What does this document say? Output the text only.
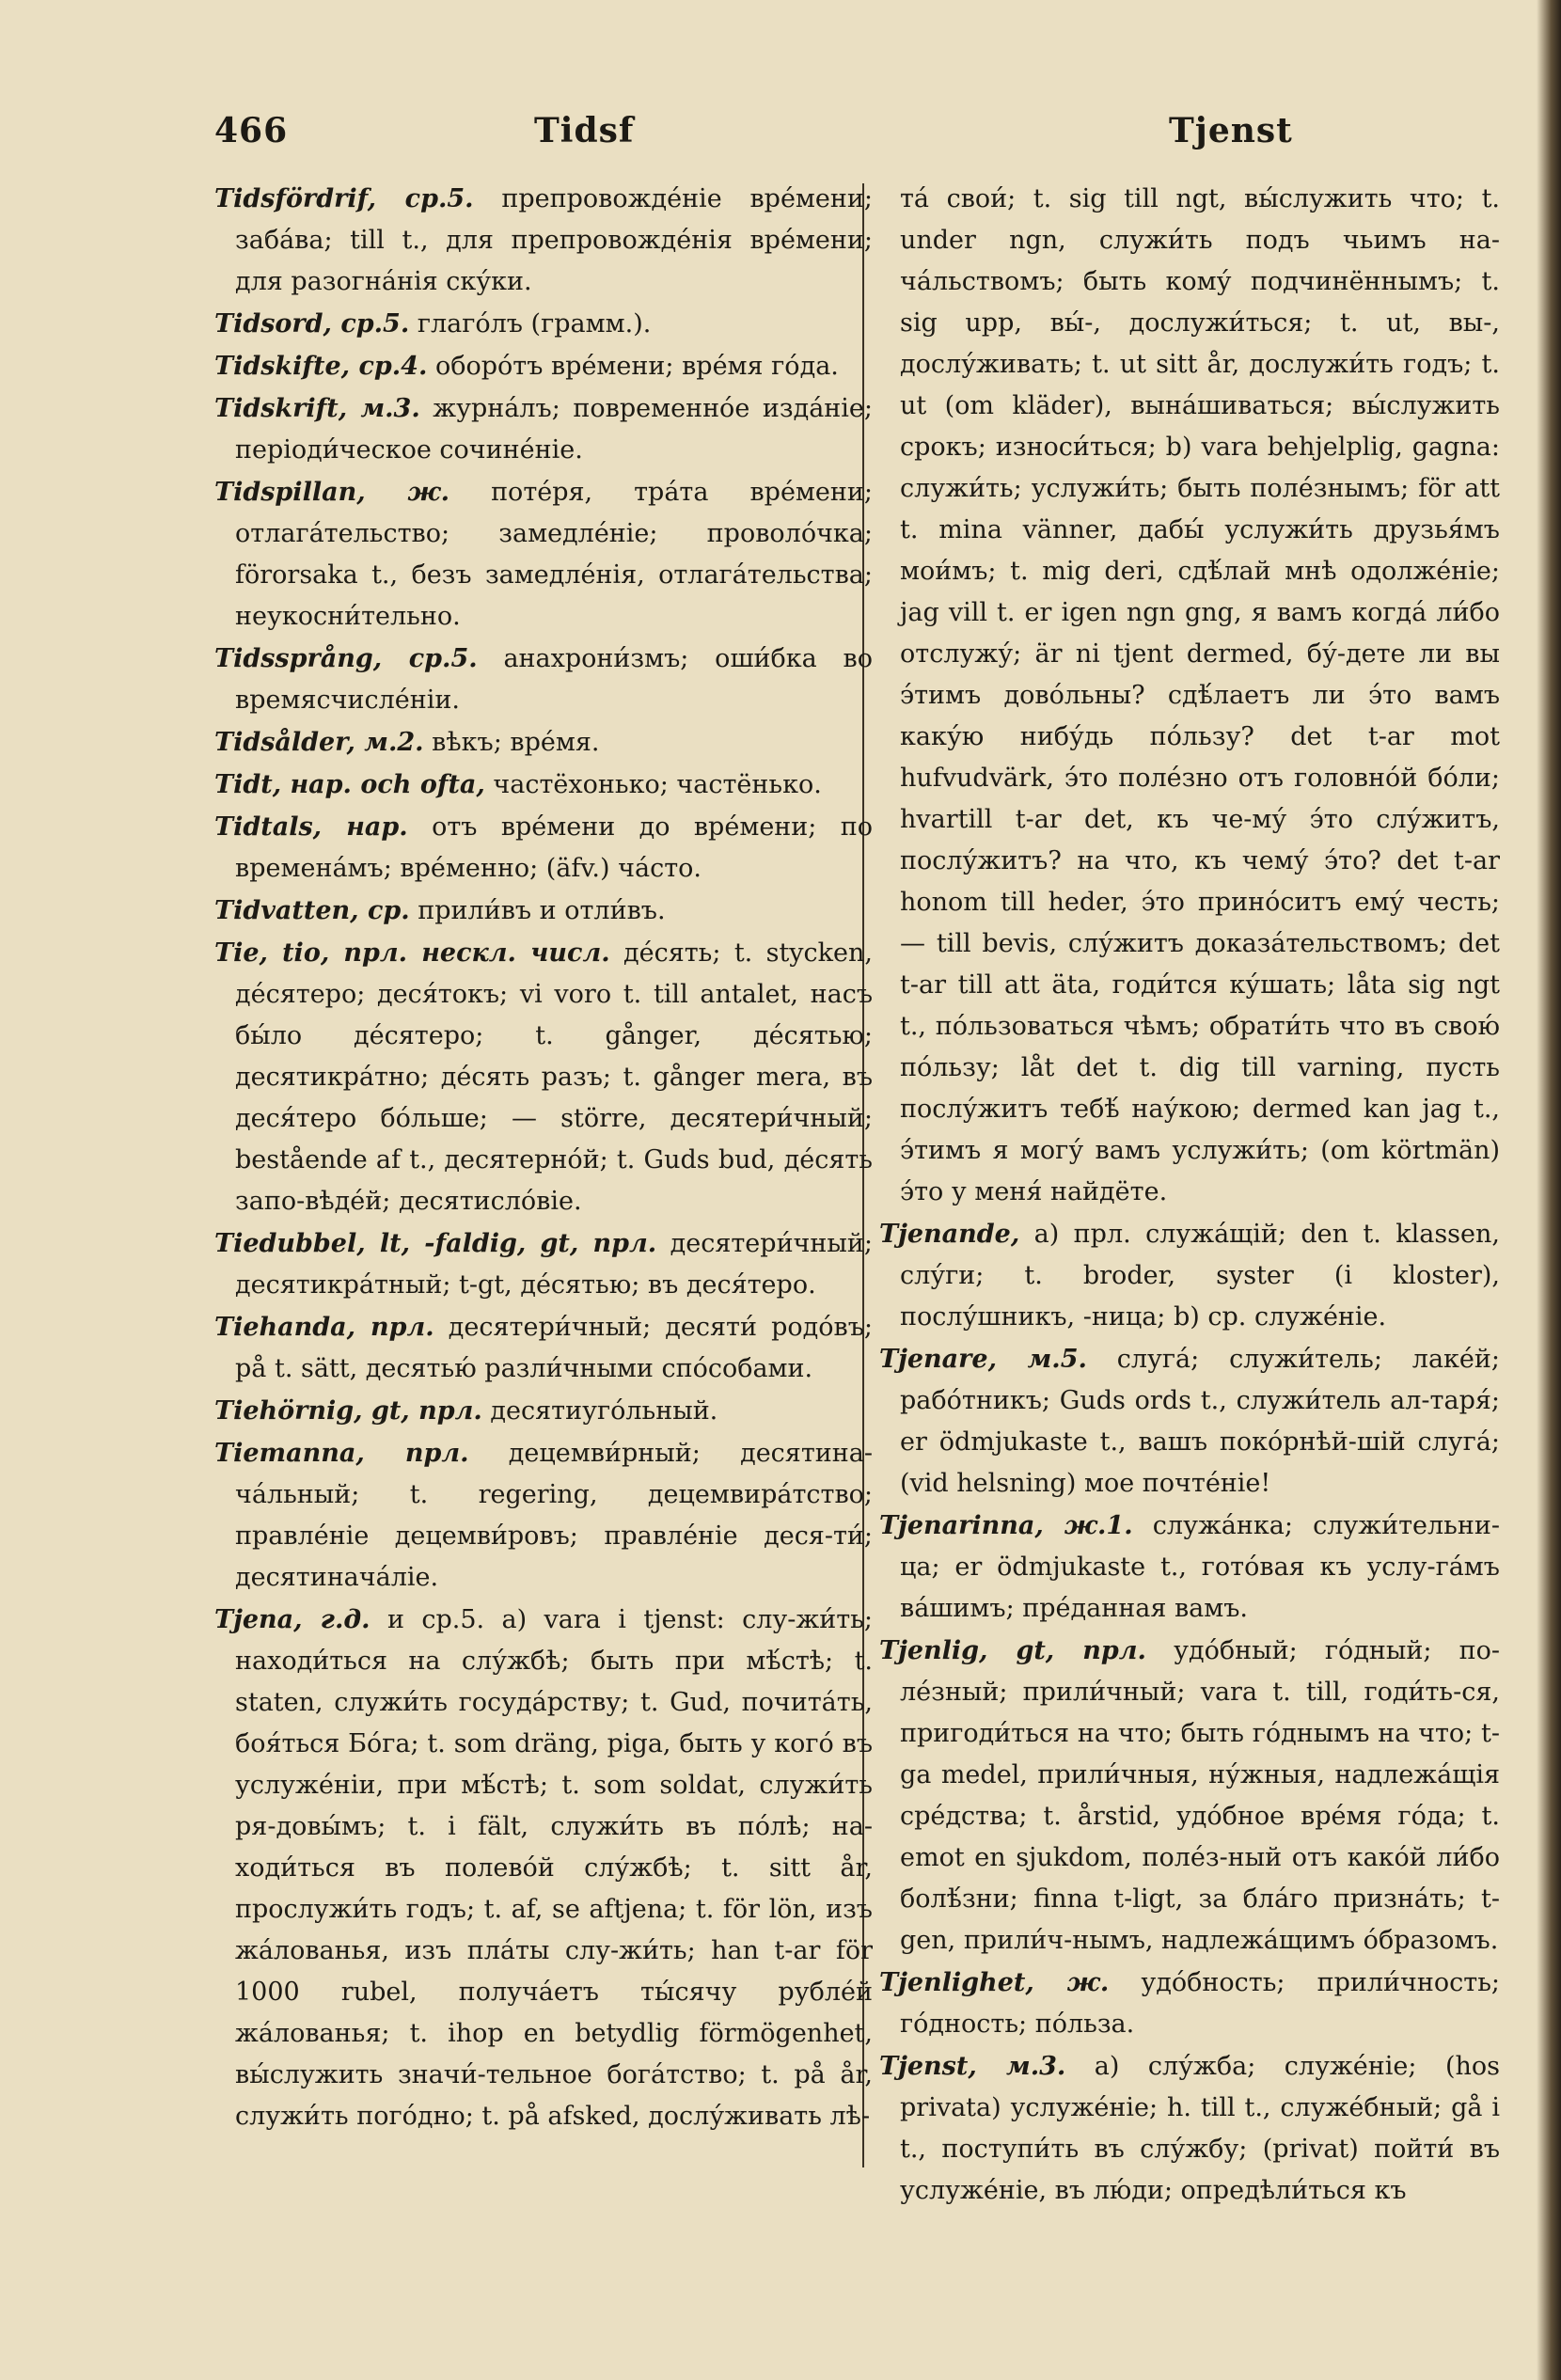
466	Tidsf	Tjenst
Tidsfördrif, ср.5. препровожде́ніе вре́мени; заба́ва; till t., для препровожде́нія вре́мени; для разогна́нія ску́ки.
Tidsord, ср.5. глаго́лъ (грамм.).
Tidskifte, ср.4. оборо́тъ вре́мени; вре́мя го́да.
Tidskrift, м.3. журна́лъ; повременно́е изда́ніе; періоди́ческое сочине́ніе.
Tidspillan, ж. поте́ря, тра́та вре́мени; отлага́тельство; замедле́ніе; проволо́чка; förorsaka t., безъ замедле́нія, отлага́тельства; неукосни́тельно.
Tidssprång, ср.5. анахрони́змъ; оши́бка во времясчисле́ніи.
Tidsålder, м.2. вѣкъ; вре́мя.
Tidt, нар. och ofta, частёхонько; частёнько.
Tidtals, нар. отъ вре́мени до вре́мени; по времена́мъ; вре́менно; (äfv.) ча́сто.
Tidvatten, ср. прили́въ и отли́въ.
Tie, tio, прл. нескл. числ. де́сять; t. stycken, де́сятеро; деся́токъ; vi voro t. till antalet, насъ бы́ло де́сятеро; t. gånger, де́сятью; десятикра́тно; де́сять разъ; t. gånger mera, въ деся́теро бо́льше; — större, десятери́чный; bestående af t., десятерно́й; t. Guds bud, де́сять запо-вѣде́й; десятисло́віе.
Tiedubbel, lt, -faldig, gt, прл. десятери́чный; десятикра́тный; t-gt, де́сятью; въ деся́теро.
Tiehanda, прл. десятери́чный; десяти́ родо́въ; på t. sätt, десятью́ разли́чными спо́собами.
Tiehörnig, gt, прл. десятиуго́льный.
Tiemanna, прл. децемви́рный; десятина-ча́льный; t. regering, децемвира́тство; правле́ніе децемви́ровъ; правле́ніе деся-ти́; десятинача́ліе.
Tjena, г.д. и ср.5. а) vara i tjenst: слу-жи́ть; находи́ться на слу́жбѣ; быть при мѣ́стѣ; t. staten, служи́ть госуда́рству; t. Gud, почита́ть, боя́ться Бо́га; t. som dräng, piga, быть у кого́ въ услуже́ніи, при мѣ́стѣ; t. som soldat, служи́ть ря-довы́мъ; t. i fält, служи́ть въ по́лѣ; на-ходи́ться въ полево́й слу́жбѣ; t. sitt år, прослужи́ть годъ; t. af, se aftjena; t. för lön, изъ жа́лованья, изъ пла́ты слу-жи́ть; han t-ar för 1000 rubel, получа́етъ ты́сячу рубле́й жа́лованья; t. ihop en betydlig förmögenhet, вы́служить значи́-тельное бога́тство; t. på år, служи́ть пого́дно; t. på afsked, дослу́живать лѣ-
та́ свои́; t. sig till ngt, вы́служить что; t. under ngn, служи́ть подъ чьимъ на-ча́льствомъ; быть кому́ подчинённымъ; t. sig upp, вы́-, дослужи́ться; t. ut, вы-, дослу́живать; t. ut sitt år, дослужи́ть годъ; t. ut (om kläder), вына́шиваться; вы́служить срокъ; износи́ться; b) vara behjelplig, gagna: служи́ть; услужи́ть; быть поле́знымъ; för att t. mina vänner, дабы́ услужи́ть друзья́мъ мои́мъ; t. mig deri, сдѣ́лай мнѣ одолже́ніе; jag vill t. er igen ngn gng, я вамъ когда́ ли́бо отслужу́; är ni tjent dermed, бу́-дете ли вы э́тимъ дово́льны? сдѣ́лаетъ ли э́то вамъ каку́ю нибу́дь по́льзу? det t-ar mot hufvudvärk, э́то поле́зно отъ головно́й бо́ли; hvartill t-ar det, къ че-му́ э́то слу́житъ, послу́житъ? на что, къ чему́ э́то? det t-ar honom till heder, э́то прино́ситъ ему́ честь; — till bevis, слу́житъ доказа́тельствомъ; det t-ar till att äta, годи́тся ку́шать; låta sig ngt t., по́льзоваться чѣмъ; обрати́ть что въ свою́ по́льзу; låt det t. dig till varning, пусть послу́житъ тебѣ́ нау́кою; dermed kan jag t., э́тимъ я могу́ вамъ услужи́ть; (om körtmän) э́то у меня́ найдёте.
Tjenande, а) прл. служа́щій; den t. klassen, слу́ги; t. broder, syster (i kloster), послу́шникъ, -ница; b) ср. служе́ніе.
Tjenare, м.5. слуга́; служи́тель; лаке́й; рабо́тникъ; Guds ords t., служи́тель ал-таря́; er ödmjukaste t., вашъ поко́рнѣй-шій слуга́; (vid helsning) мое почте́ніе!
Tjenarinna, ж.1. служа́нка; служи́тельни-ца; er ödmjukaste t., гото́вая къ услу-га́мъ ва́шимъ; пре́данная вамъ.
Tjenlig, gt, прл. удо́бный; го́дный; по-ле́зный; прили́чный; vara t. till, годи́ть-ся, пригоди́ться на что; быть го́днымъ на что; t-ga medel, прили́чныя, ну́жныя, надлежа́щія сре́дства; t. årstid, удо́бное вре́мя го́да; t. emot en sjukdom, поле́з-ный отъ како́й ли́бо болѣ́зни; finna t-ligt, за бла́го призна́ть; t-gen, прили́ч-нымъ, надлежа́щимъ о́бразомъ.
Tjenlighet, ж. удо́бность; прили́чность; го́дность; по́льза.
Tjenst, м.3. а) слу́жба; служе́ніе; (hos privata) услуже́ніе; h. till t., служе́бный; gå i t., поступи́ть въ слу́жбу; (privat) пойти́ въ услуже́ніе, въ лю́ди; опредѣли́ться къ
